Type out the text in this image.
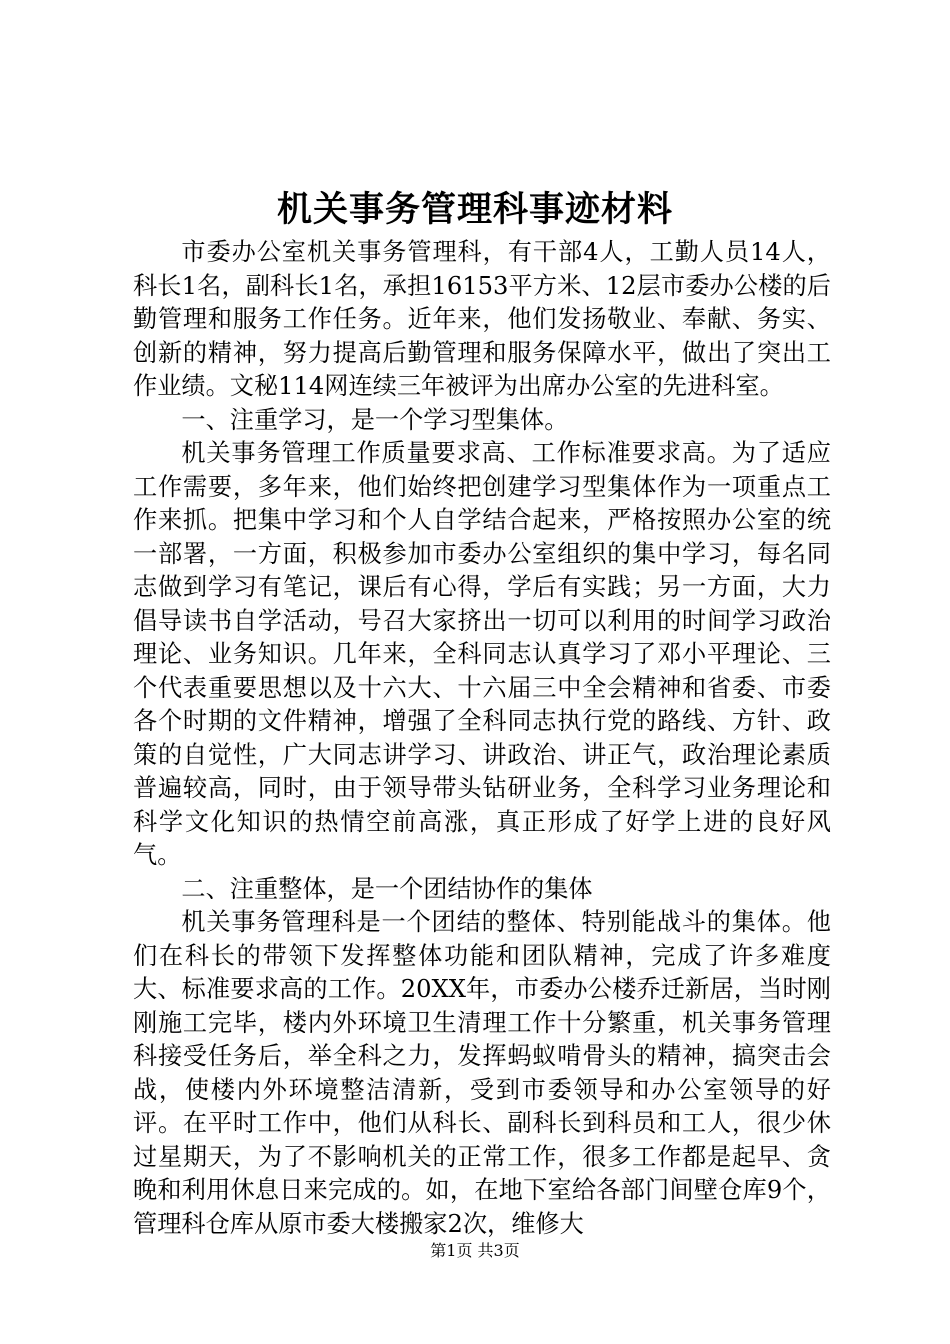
机关事务管理科事迹材料

市委办公室机关事务管理科，有干部4人，工勤人员14人，科长1名，副科长1名，承担16153平方米、12层市委办公楼的后勤管理和服务工作任务。近年来，他们发扬敬业、奉献、务实、创新的精神，努力提高后勤管理和服务保障水平，做出了突出工作业绩。文秘114网连续三年被评为出席办公室的先进科室。

一、注重学习，是一个学习型集体。

机关事务管理工作质量要求高、工作标准要求高。为了适应工作需要，多年来，他们始终把创建学习型集体作为一项重点工作来抓。把集中学习和个人自学结合起来，严格按照办公室的统一部署，一方面，积极参加市委办公室组织的集中学习，每名同志做到学习有笔记，课后有心得，学后有实践；另一方面，大力倡导读书自学活动，号召大家挤出一切可以利用的时间学习政治理论、业务知识。几年来，全科同志认真学习了邓小平理论、三个代表重要思想以及十六大、十六届三中全会精神和省委、市委各个时期的文件精神，增强了全科同志执行党的路线、方针、政策的自觉性，广大同志讲学习、讲政治、讲正气，政治理论素质普遍较高，同时，由于领导带头钻研业务，全科学习业务理论和科学文化知识的热情空前高涨，真正形成了好学上进的良好风气。

二、注重整体，是一个团结协作的集体

机关事务管理科是一个团结的整体、特别能战斗的集体。他们在科长的带领下发挥整体功能和团队精神，完成了许多难度大、标准要求高的工作。20XX年，市委办公楼乔迁新居，当时刚刚施工完毕，楼内外环境卫生清理工作十分繁重，机关事务管理科接受任务后，举全科之力，发挥蚂蚁啃骨头的精神，搞突击会战，使楼内外环境整洁清新，受到市委领导和办公室领导的好评。在平时工作中，他们从科长、副科长到科员和工人，很少休过星期天，为了不影响机关的正常工作，很多工作都是起早、贪晚和利用休息日来完成的。如，在地下室给各部门间壁仓库9个，管理科仓库从原市委大楼搬家2次，维修大

第1页 共3页
